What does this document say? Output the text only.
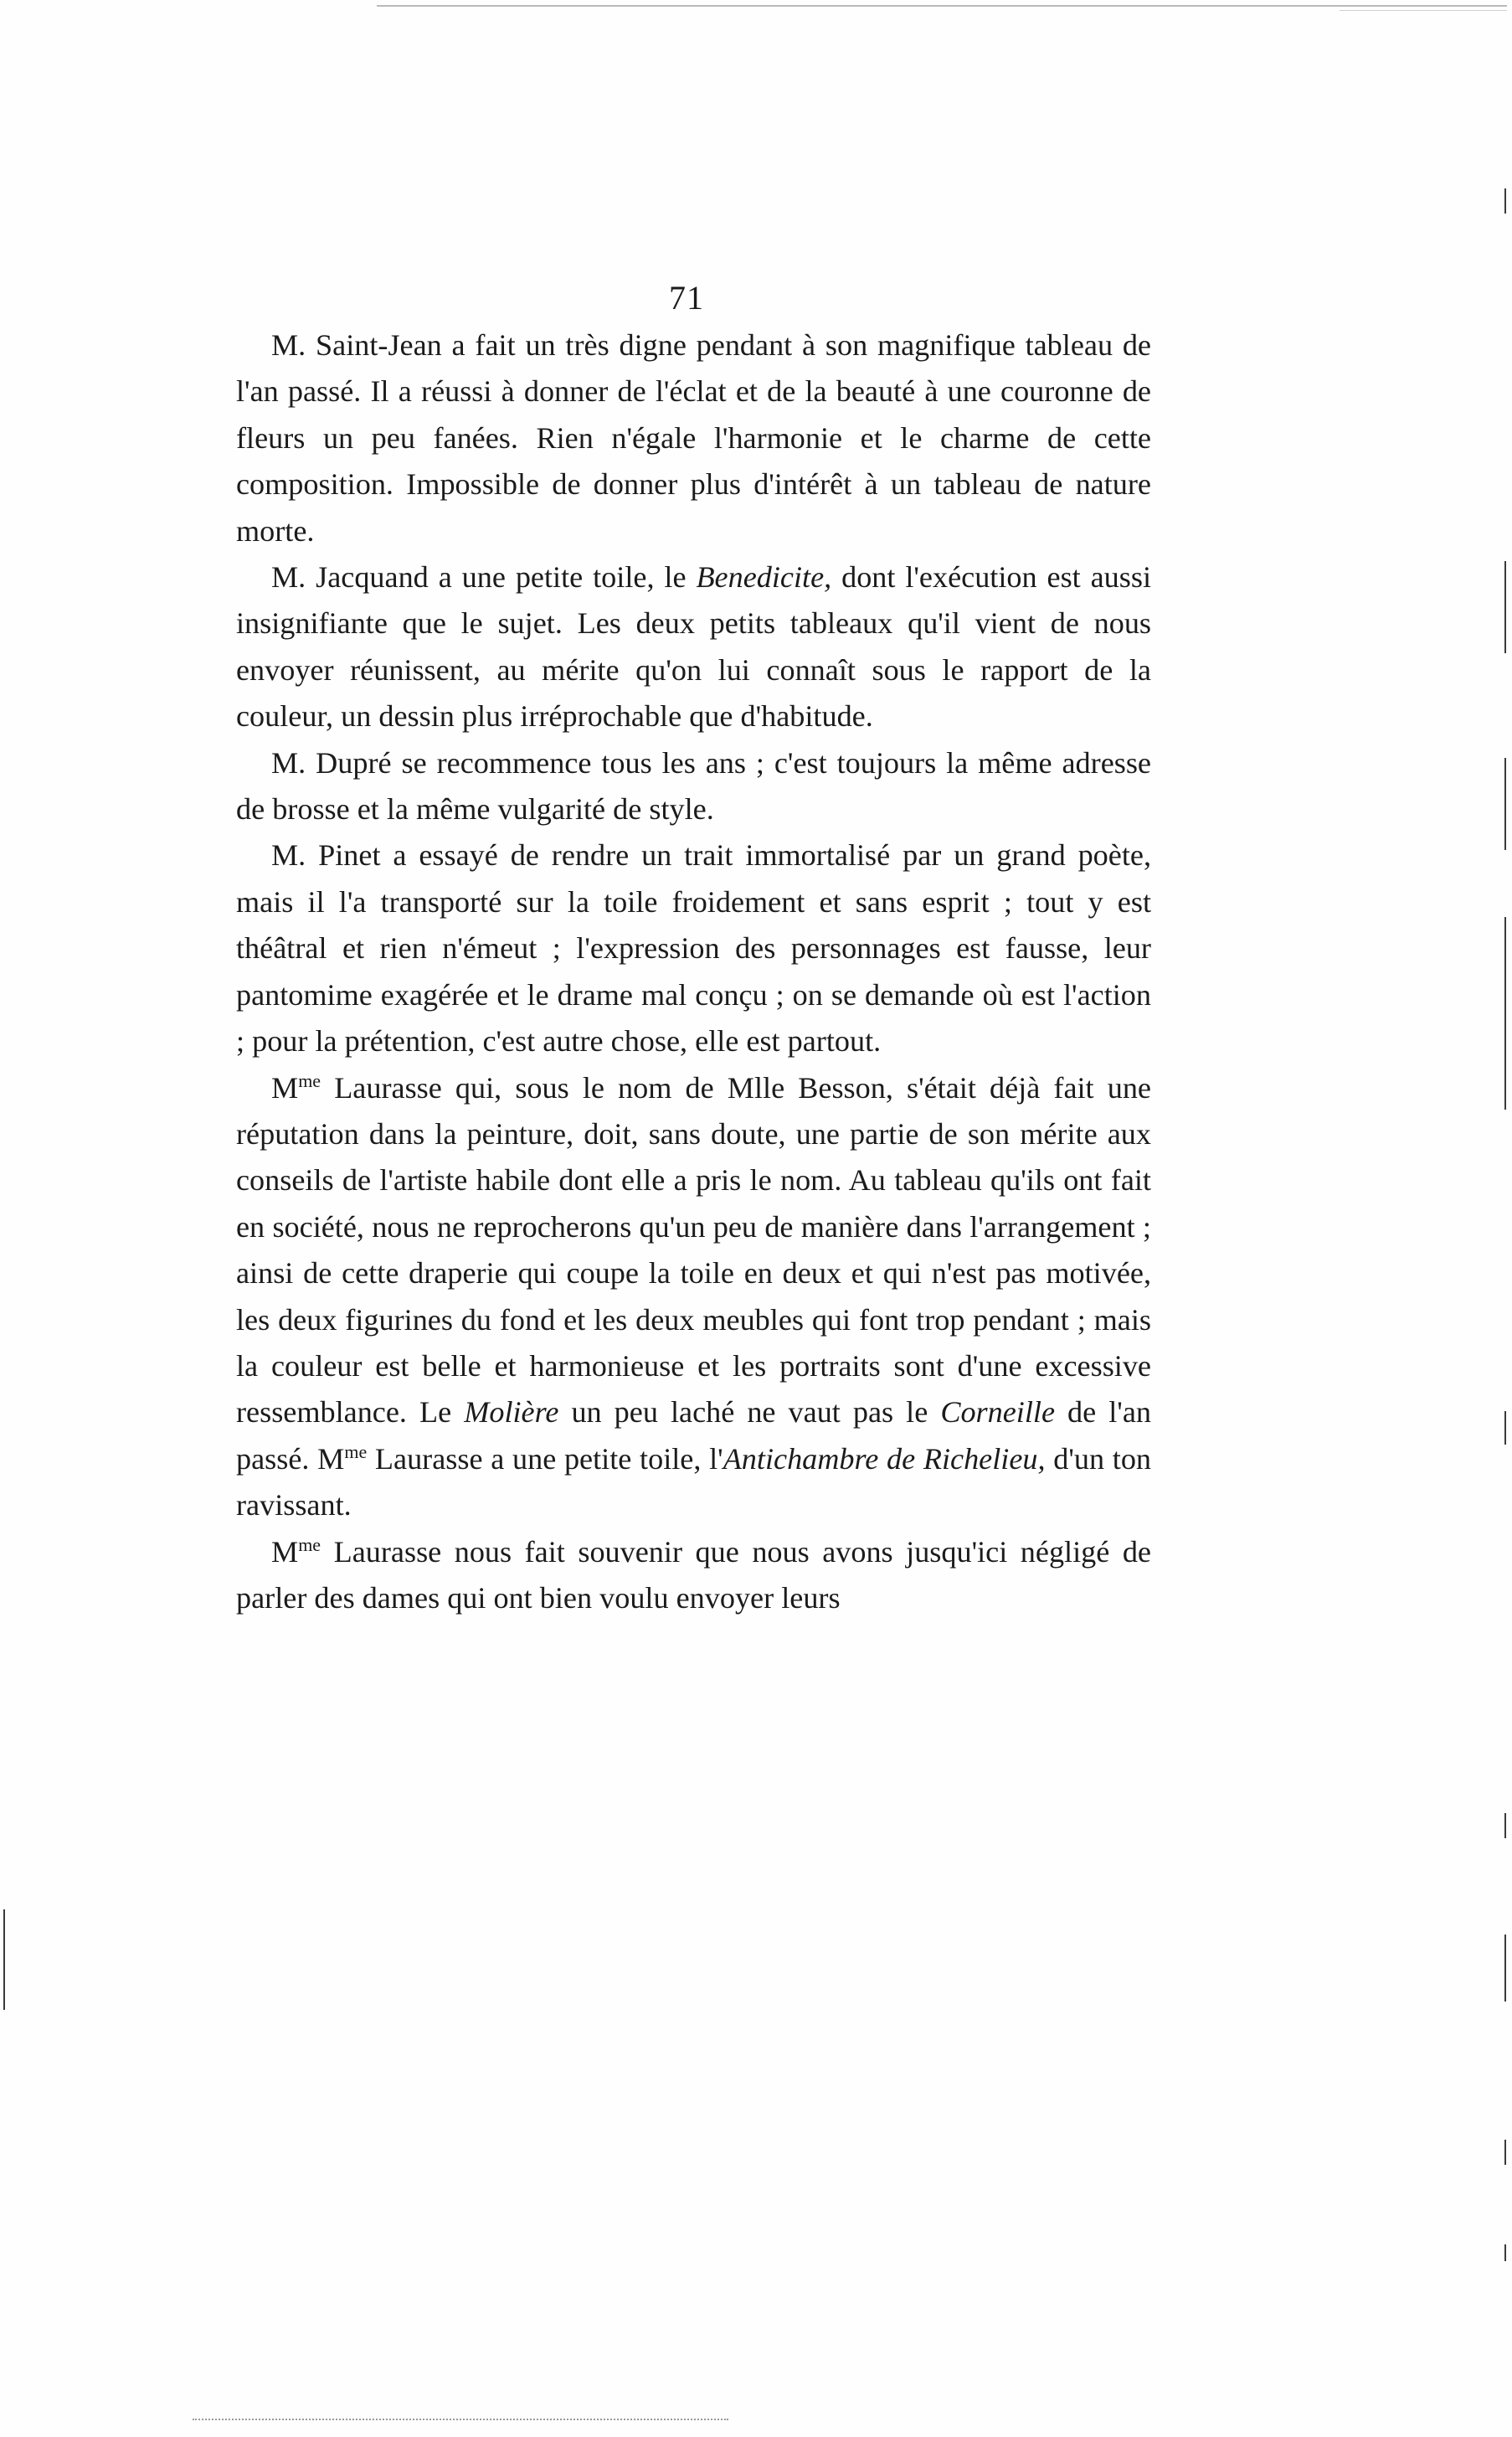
71

M. Saint-Jean a fait un très digne pendant à son magnifique tableau de l'an passé. Il a réussi à donner de l'éclat et de la beauté à une couronne de fleurs un peu fanées. Rien n'égale l'harmonie et le charme de cette composition. Impossible de donner plus d'intérêt à un tableau de nature morte.

M. Jacquand a une petite toile, le Benedicite, dont l'exécution est aussi insignifiante que le sujet. Les deux petits tableaux qu'il vient de nous envoyer réunissent, au mérite qu'on lui connaît sous le rapport de la couleur, un dessin plus irréprochable que d'habitude.

M. Dupré se recommence tous les ans ; c'est toujours la même adresse de brosse et la même vulgarité de style.

M. Pinet a essayé de rendre un trait immortalisé par un grand poète, mais il l'a transporté sur la toile froidement et sans esprit ; tout y est théâtral et rien n'émeut ; l'expression des personnages est fausse, leur pantomime exagérée et le drame mal conçu ; on se demande où est l'action ; pour la prétention, c'est autre chose, elle est partout.

$M^{me}$ Laurasse qui, sous le nom de Mlle Besson, s'était déjà fait une réputation dans la peinture, doit, sans doute, une partie de son mérite aux conseils de l'artiste habile dont elle a pris le nom. Au tableau qu'ils ont fait en société, nous ne reprocherons qu'un peu de manière dans l'arrangement ; ainsi de cette draperie qui coupe la toile en deux et qui n'est pas motivée, les deux figurines du fond et les deux meubles qui font trop pendant ; mais la couleur est belle et harmonieuse et les portraits sont d'une excessive ressemblance. Le Molière un peu laché ne vaut pas le Corneille de l'an passé. $M^{me}$ Laurasse a une petite toile, l'Antichambre de Richelieu, d'un ton ravissant.

$M^{me}$ Laurasse nous fait souvenir que nous avons jusqu'ici négligé de parler des dames qui ont bien voulu envoyer leurs
